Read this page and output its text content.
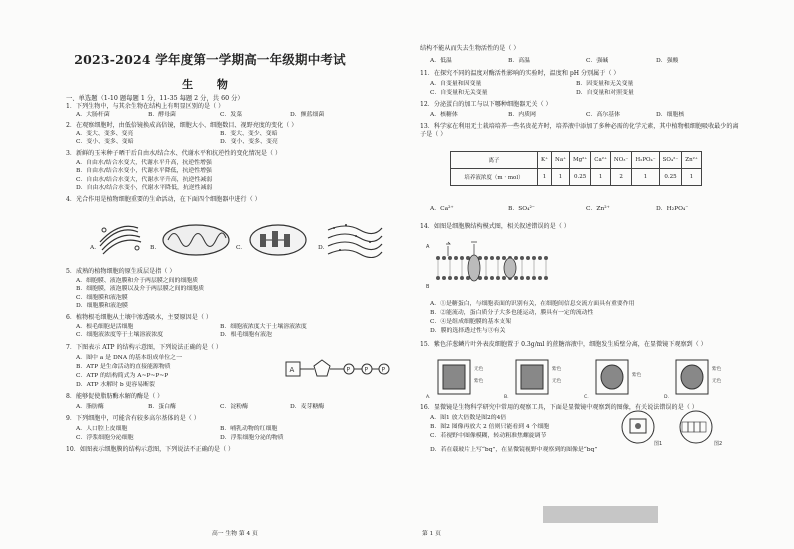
2023-2024 学年度第一学期高一年级期中考试
生 物
一、单选题（1-10 题每题 1 分，11-35 每题 2 分，共 60 分）
1．下列生物中，与其余生物在结构上有明显区别的是（ ）
A．大肠杆菌	B．酵母菌	C．发菜	D．颤蓝细菌
2．在观察细胞时，由低倍镜换成高倍镜，细胞大小、细胞数目、视野亮度的变化（ ）
A．变大、变多、变亮	B．变大、变少、变暗
C．变小、变多、变暗	D．变小、变多、变亮
3．新鲜的玉米种子晒干后自由水/结合水、代谢水平和抗逆性的变化情况是（ ）
A．自由水/结合水变大，代谢水平升高，抗逆性增强
B．自由水/结合水变小，代谢水平降低，抗逆性增强
C．自由水/结合水变大，代谢水平升高，抗逆性减弱
D．自由水/结合水变小，代谢水平降低，抗逆性减弱
4．光合作用是植物细胞重要的生命活动，在下面四个细胞器中进行（ ）
A.	B.	C.	D.
5．成熟的植物细胞的原生质层是指（ ）
A．细胞膜、液泡膜和介于两层膜之间的细胞质
B．细胞膜，液泡膜以及介于两层膜之间的细胞质
C．细胞膜和液泡膜
D．细胞膜和液泡膜
6．植物根毛细胞从土壤中渗透吸水，主要原因是（ ）
A．根毛细胞是活细胞	B．细胞液浓度大于土壤溶液浓度
C．细胞液浓度等于土壤溶液浓度	D．根毛细胞有液泡
7．下图表示 ATP 的结构示意图，下列说法正确的是（ ）
A．图中 a 是 DNA 的基本组成单位之一
B．ATP 是生命活动的直接能源物质
C．ATP 的结构简式为 A~P~P~P
D．ATP 水解时 b 更容易断裂
A	P P P
8．能够促使脂肪酶水解的酶是（ ）
A．脂肪酶	B．蛋白酶	C．淀粉酶	D．麦芽糖酶
9．下列细胞中，可能含有较多高尔基体的是（ ）
A．人口腔上皮细胞	B．哺乳动物的红细胞
C．浮浆细胞分泌细胞	D．浮浆细胞分泌的物质
10．如图表示细胞膜的结构示意图，下列说法不正确的是（ ）
高一 生物 第 4 页
结构不能从而失去生物活性的是（ ）
A．低温	B．高温	C．强碱	D．强酸
11．在探究不同的温度对酶活性影响的实验时，温度和 pH 分别属于（ ）
A．自变量和因变量	B．因变量和无关变量
C．自变量和无关变量	D．自变量和对照变量
12．分泌蛋白的加工与以下哪种细胞器无关（ ）
A．核糖体	B．内质网	C．高尔基体	D．细胞核
13．科学家在利用无土栽培培养一些名贵花卉时，培养液中添加了多种必需的化学元素，其中植物根细胞吸收最少的离子是（ ）
离子	K⁺	Na⁺	Mg²⁺	Ca²⁺	NO₃⁻	H₂PO₄⁻	SO₄²⁻	Zn²⁺
培养液浓度（m · mol）	1	1	0.25	1	2	1	0.25	1
A．Ca²⁺	B．SO₄²⁻	C．Zn²⁺	D．H₂PO₄⁻
14．如图是细胞膜结构模式图，相关叙述错误的是（ ）
A
B
A．①是糖蛋白，与细胞表面的识别有关，在细胞间信息交流方面具有重要作用
B．②能流动，蛋白质分子大多也能运动，膜具有一定的流动性
C．④是组成细胞膜的基本支架
D．膜的选择透过性与③有关
15．紫色洋葱鳞片叶外表皮细胞置于 0.3g/ml 的蔗糖溶液中，细胞发生质壁分离，在显微镜下观察到（ ）
A.
无色
紫色
B.
紫色
无色
C.
紫色
D.
紫色
无色
16．显微镜是生物科学研究中常用的观察工具，下面是显微镜中观察到的图像，有关说法错误的是（ ）
A．图1 放大倍数是图2的4倍
B．图2 图像再放大 2 倍则只能看到 4 个细胞
C．若视野中图像模糊，转动粗准焦螺旋调节
D．若在载玻片上写“bq”，在显微镜视野中观察到的图像是“bq”
图1	图2
第 1 页
